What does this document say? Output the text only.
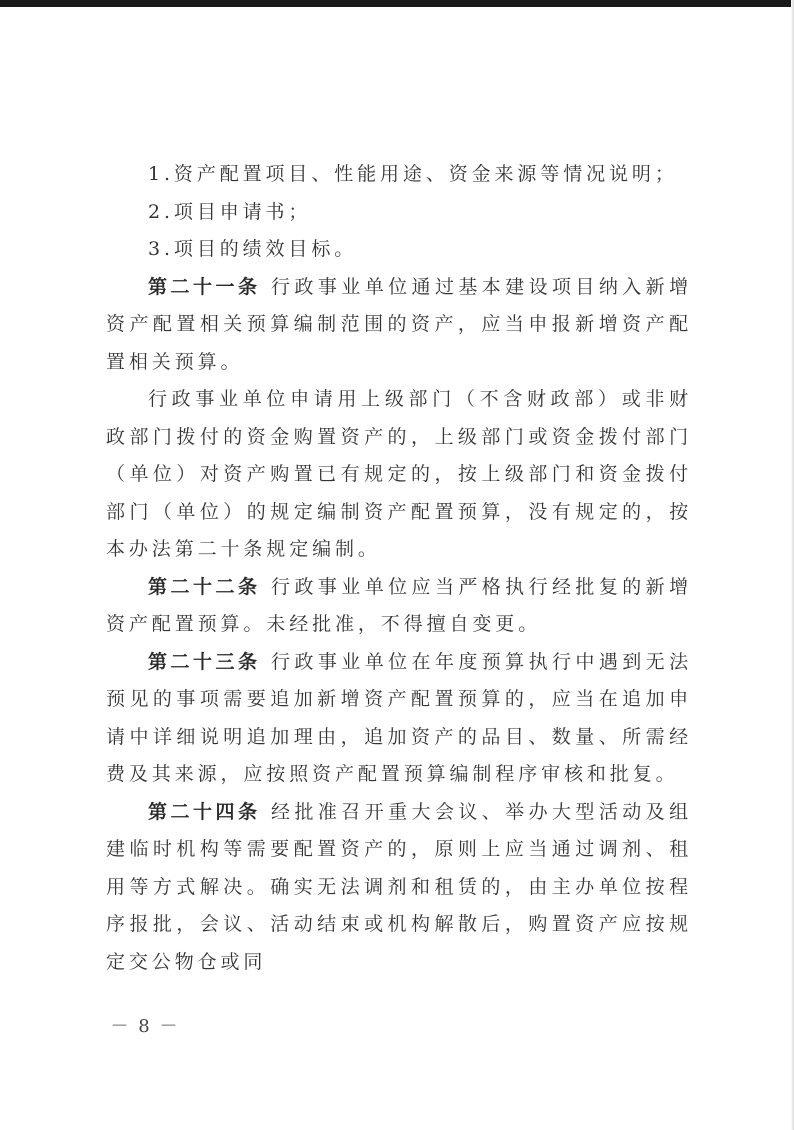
1.资产配置项目、性能用途、资金来源等情况说明；

2.项目申请书；

3.项目的绩效目标。

第二十一条 行政事业单位通过基本建设项目纳入新增资产配置相关预算编制范围的资产，应当申报新增资产配置相关预算。

行政事业单位申请用上级部门（不含财政部）或非财政部门拨付的资金购置资产的，上级部门或资金拨付部门（单位）对资产购置已有规定的，按上级部门和资金拨付部门（单位）的规定编制资产配置预算，没有规定的，按本办法第二十条规定编制。

第二十二条 行政事业单位应当严格执行经批复的新增资产配置预算。未经批准，不得擅自变更。

第二十三条 行政事业单位在年度预算执行中遇到无法预见的事项需要追加新增资产配置预算的，应当在追加申请中详细说明追加理由，追加资产的品目、数量、所需经费及其来源，应按照资产配置预算编制程序审核和批复。

第二十四条 经批准召开重大会议、举办大型活动及组建临时机构等需要配置资产的，原则上应当通过调剂、租用等方式解决。确实无法调剂和租赁的，由主办单位按程序报批，会议、活动结束或机构解散后，购置资产应按规定交公物仓或同

－ 8 －
